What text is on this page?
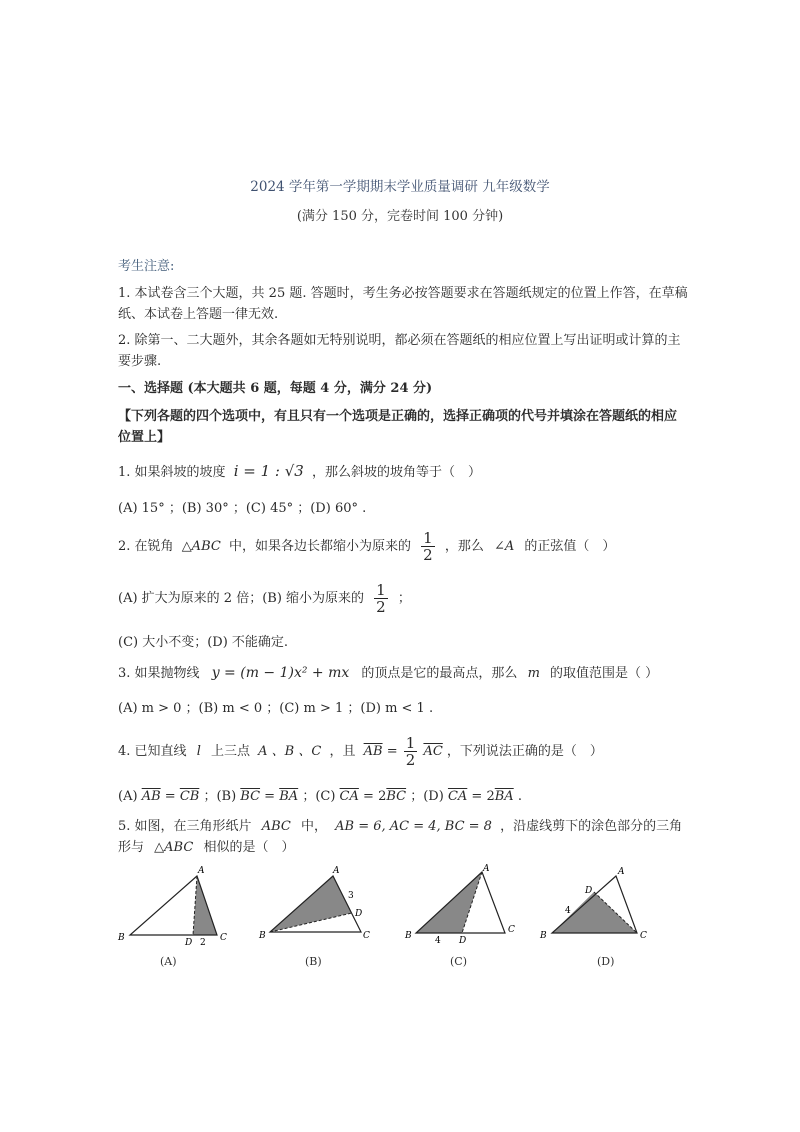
2024 学年第一学期期末学业质量调研 九年级数学
(满分 150 分，完卷时间 100 分钟)
考生注意:
1. 本试卷含三个大题，共 25 题. 答题时，考生务必按答题要求在答题纸规定的位置上作答，在草稿纸、本试卷上答题一律无效.
2. 除第一、二大题外，其余各题如无特别说明，都必须在答题纸的相应位置上写出证明或计算的主要步骤.
一、选择题 (本大题共 6 题，每题 4 分，满分 24 分)
【下列各题的四个选项中，有且只有一个选项是正确的，选择正确项的代号并填涂在答题纸的相应位置上】
1. 如果斜坡的坡度 i = 1 : √3 ，那么斜坡的坡角等于（　）
(A) 15° ；(B) 30° ；(C) 45° ；(D) 60° .
2. 在锐角 △ABC 中，如果各边长都缩小为原来的 $\frac{1}{2}$ ，那么 ∠A 的正弦值（　）
(A) 扩大为原来的 2 倍；(B) 缩小为原来的 $\frac{1}{2}$ ；
(C) 大小不变；(D) 不能确定.
3. 如果抛物线 y = (m − 1)x² + mx 的顶点是它的最高点，那么 m 的取值范围是（ ）
(A) m > 0 ；(B) m < 0 ；(C) m > 1 ；(D) m < 1 .
4. 已知直线 l 上三点 A 、B 、C ，且 $\overline{AB} = \frac{1}{2} \overline{AC}$ ，下列说法正确的是（　）
(A) $\overline{AB} = \overline{CB}$ ；(B) $\overline{BC} = \overline{BA}$ ；(C) $\overline{CA} = 2\overline{BC}$ ；(D) $\overline{CA} = 2\overline{BA}$ .
5. 如图，在三角形纸片 ABC 中， AB = 6, AC = 4, BC = 8 ，沿虚线剪下的涂色部分的三角
形与 △ABC 相似的是（　）
A
B	C
D 2
A
B	C
D
3
A
B
C
D
4
A
B	C
D
4
(A)	(B)	(C)	(D)
